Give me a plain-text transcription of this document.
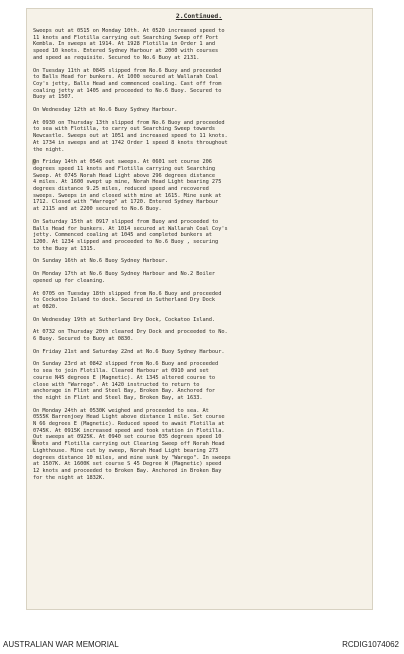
2.Continued.
Sweeps out at 0515 on Monday 10th. At 0520 increased speed to
11 knots and Flotilla carrying out Searching Sweep off Port
Kembla. In sweeps at 1914. At 1928 Flotilla in Order 1 and
speed 10 knots. Entered Sydney Harbour at 2000 with courses
and speed as requisite. Secured to No.6 Buoy at 2131.
On Tuesday 11th at 0845 slipped from No.6 Buoy and proceeded
to Balls Head for bunkers. At 1000 secured at Wallarah Coal
Coy's jetty, Balls Head and commenced coaling. Cast off from
coaling jetty at 1405 and proceeded to No.6 Buoy. Secured to
Buoy at 1507.
On Wednesday 12th at No.6 Buoy Sydney Harbour.
At 0930 on Thursday 13th slipped from No.6 Buoy and proceeded
to sea with Flotilla, to carry out Searching Sweep towards
Newcastle. Sweeps out at 1051 and increased speed to 11 knots.
At 1734 in sweeps and at 1742 Order 1 speed 8 knots throughout
the night.
On Friday 14th at 0546 out sweeps. At 0601 set course 206
degrees speed 11 knots and Flotilla carrying out Searching
Sweep. At 0745 Norah Head Light above 296 degrees distance
4 miles. At 1600 swept up mine, Norah Head Light bearing 275
degrees distance 9.25 miles, reduced speed and recovered
sweeps. Sweeps in and closed with mine at 1615. Mine sunk at
1712. Closed with "Warrego" at 1720. Entered Sydney Harbour
at 2115 and at 2200 secured to No.6 Buoy.
On Saturday 15th at 0917 slipped from Buoy and proceeded to
Balls Head for bunkers. At 1014 secured at Wallarah Coal Coy's
jetty. Commenced coaling at 1045 and completed bunkers at
1200. At 1234 slipped and proceeded to No.6 Buoy , securing
to the Buoy at 1315.
On Sunday 16th at No.6 Buoy Sydney Harbour.
On Monday 17th at No.6 Buoy Sydney Harbour and No.2 Boiler
opened up for cleaning.
At 0705 on Tuesday 18th slipped from No.6 Buoy and proceeded
to Cockatoo Island to dock. Secured in Sutherland Dry Dock
at 0820.
On Wednesday 19th at Sutherland Dry Dock, Cockatoo Island.
At 0732 on Thursday 20th cleared Dry Dock and proceeded to No.
6 Buoy. Secured to Buoy at 0830.
On Friday 21st and Saturday 22nd at No.6 Buoy Sydney Harbour.
On Sunday 23rd at 0842 slipped from No.6 Buoy and proceeded
to sea to join Flotilla. Cleared Harbour at 0910 and set
course N45 degrees E (Magnetic). At 1345 altered course to
close with "Warrego". At 1420 instructed to return to
anchorage in Flint and Steel Bay, Broken Bay. Anchored for
the night in Flint and Steel Bay, Broken Bay, at 1633.
On Monday 24th at 0530K weighed and proceeded to sea. At
0555K Barrenjoey Head Light above distance 1 mile. Set course
N 66 degrees E (Magnetic). Reduced speed to await Flotilla at
0745K. At 0915K increased speed and took station in Flotilla.
Out sweeps at 0925K. At 0940 set course 035 degrees speed 10
knots and Flotilla carrying out Clearing Sweep off Norah Head
Lighthouse. Mine cut by sweep, Norah Head Light bearing 273
degrees distance 10 miles, and mine sunk by "Warego". In sweeps
at 1507K. At 1600K set course S 45 Degree W (Magnetic) speed
12 knots and proceeded to Broken Bay. Anchored in Broken Bay
for the night at 1832K.
AUSTRALIAN WAR MEMORIAL	RCDIG1074062
